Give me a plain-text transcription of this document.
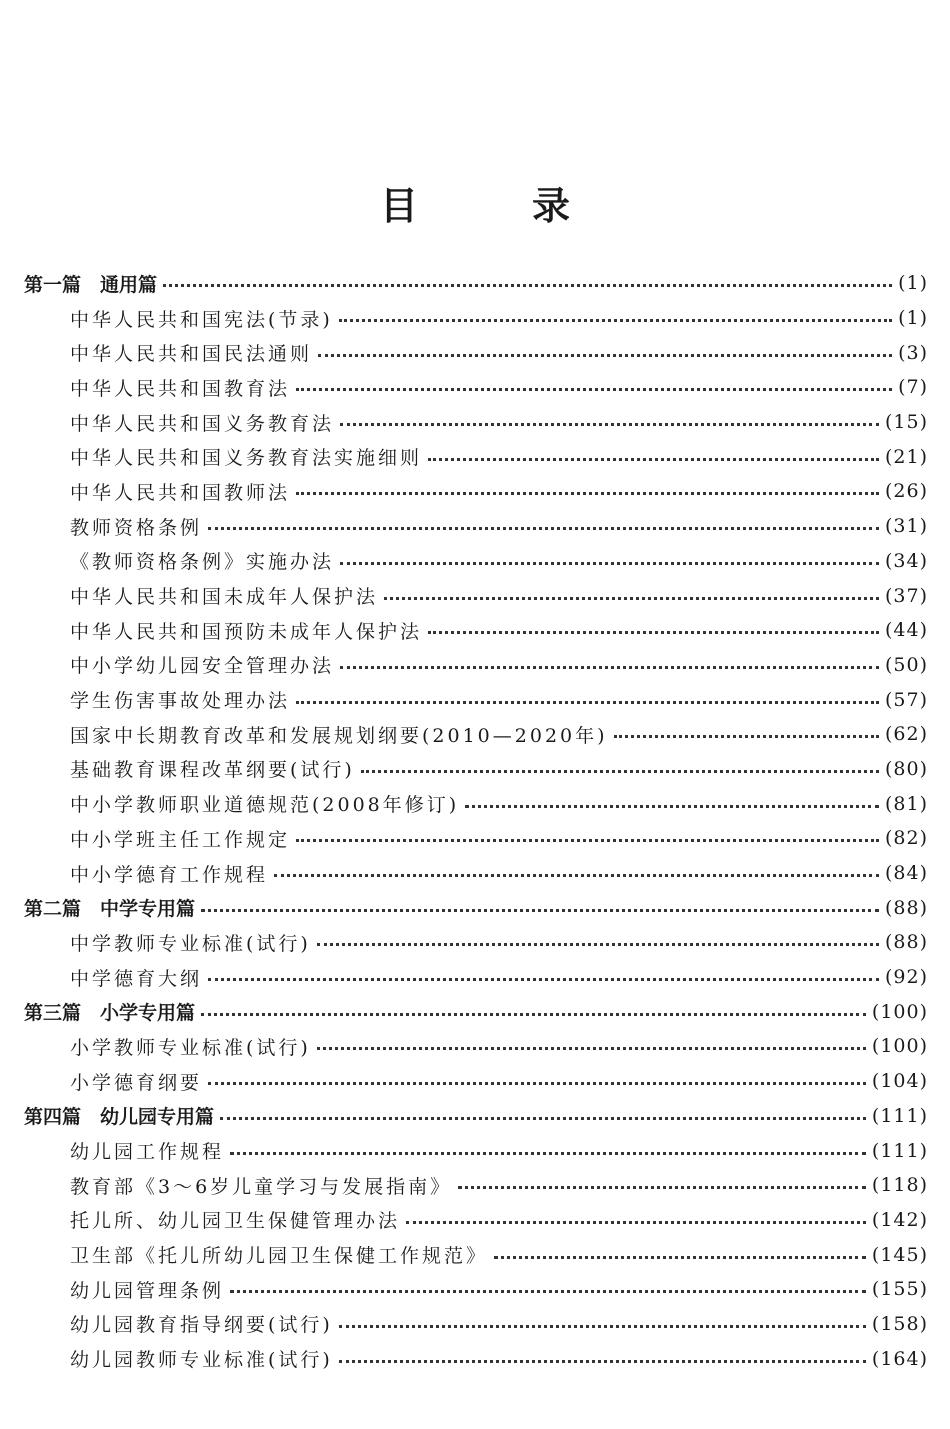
目　录
第一篇　通用篇	(1)
中华人民共和国宪法(节录)	(1)
中华人民共和国民法通则	(3)
中华人民共和国教育法	(7)
中华人民共和国义务教育法	(15)
中华人民共和国义务教育法实施细则	(21)
中华人民共和国教师法	(26)
教师资格条例	(31)
《教师资格条例》实施办法	(34)
中华人民共和国未成年人保护法	(37)
中华人民共和国预防未成年人保护法	(44)
中小学幼儿园安全管理办法	(50)
学生伤害事故处理办法	(57)
国家中长期教育改革和发展规划纲要(2010—2020年)	(62)
基础教育课程改革纲要(试行)	(80)
中小学教师职业道德规范(2008年修订)	(81)
中小学班主任工作规定	(82)
中小学德育工作规程	(84)
第二篇　中学专用篇	(88)
中学教师专业标准(试行)	(88)
中学德育大纲	(92)
第三篇　小学专用篇	(100)
小学教师专业标准(试行)	(100)
小学德育纲要	(104)
第四篇　幼儿园专用篇	(111)
幼儿园工作规程	(111)
教育部《3～6岁儿童学习与发展指南》	(118)
托儿所、幼儿园卫生保健管理办法	(142)
卫生部《托儿所幼儿园卫生保健工作规范》	(145)
幼儿园管理条例	(155)
幼儿园教育指导纲要(试行)	(158)
幼儿园教师专业标准(试行)	(164)
